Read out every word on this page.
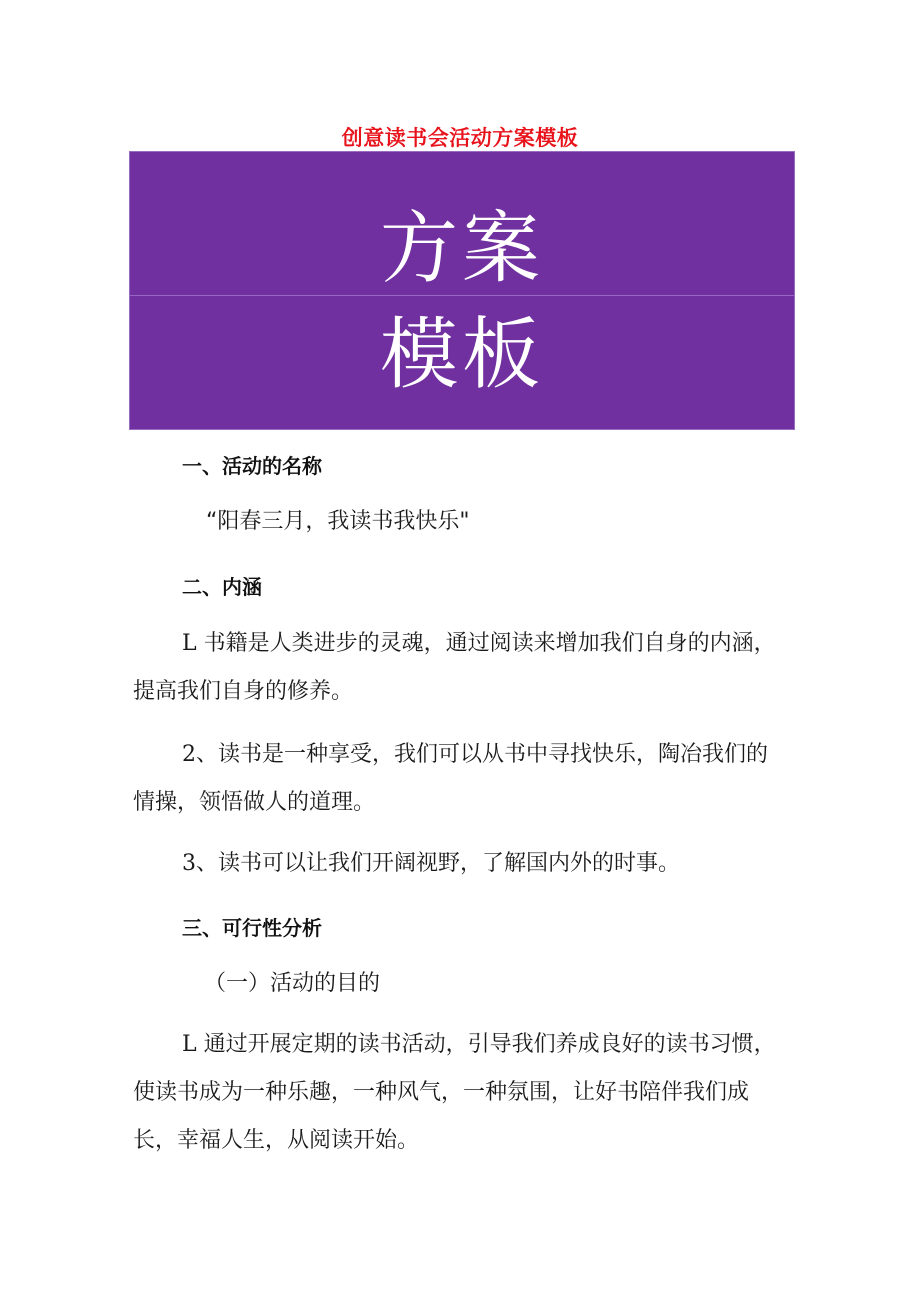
创意读书会活动方案模板
方案
模板
一、活动的名称
“阳春三月，我读书我快乐"
二、内涵
L 书籍是人类进步的灵魂，通过阅读来增加我们自身的内涵，提高我们自身的修养。
2、读书是一种享受，我们可以从书中寻找快乐，陶冶我们的情操，领悟做人的道理。
3、读书可以让我们开阔视野，了解国内外的时事。
三、可行性分析
（一）活动的目的
L 通过开展定期的读书活动，引导我们养成良好的读书习惯，使读书成为一种乐趣，一种风气，一种氛围，让好书陪伴我们成长，幸福人生，从阅读开始。
